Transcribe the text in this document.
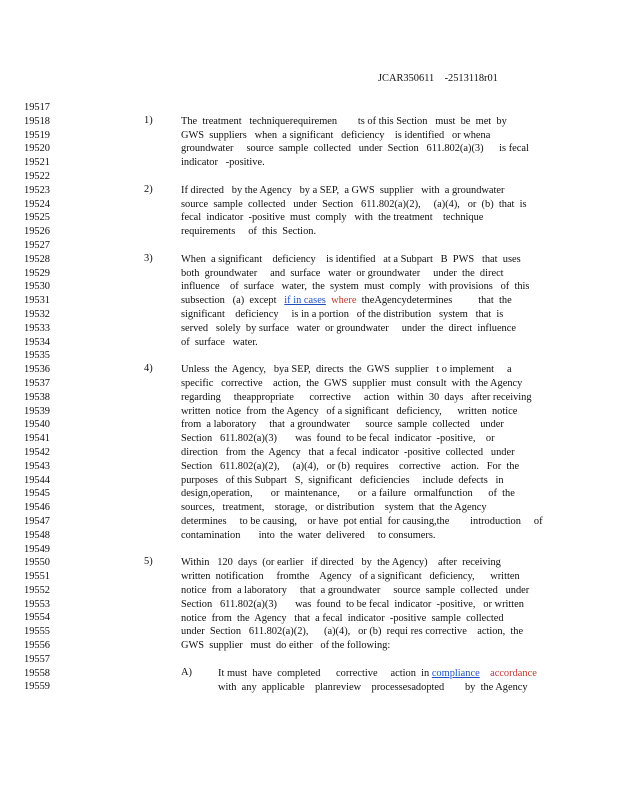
JCAR350611    -2513118r01
19517
19518
19519
19520
19521
19522
19523
19524
19525
19526
19527
19528
19529
19530
19531
19532
19533
19534
19535
19536
19537
19538
19539
19540
19541
19542
19543
19544
19545
19546
19547
19548
19549
19550
19551
19552
19553
19554
19555
19556
19557
19558
19559
1)	The  treatment   techniquerequiremen        ts of this Section   must  be  met  by
GWS  suppliers   when  a significant   deficiency    is identified   or whena
groundwater     source  sample  collected   under  Section   611.802(a)(3)      is fecal
indicator   -positive.
2)	If directed   by the Agency   by a SEP,  a GWS  supplier   with  a groundwater
source  sample  collected   under  Section   611.802(a)(2),     (a)(4),   or  (b)  that  is
fecal  indicator  -positive  must  comply   with  the treatment    technique
requirements     of  this  Section.
3)	When  a significant    deficiency    is identified   at a Subpart   B  PWS   that  uses
both  groundwater     and  surface   water  or groundwater     under  the  direct
influence    of  surface   water,  the  system  must  comply   with provisions   of  this
subsection   (a)  except   if in cases where  theAgencydetermines          that  the
significant    deficiency     is in a portion   of the distribution   system   that  is
served   solely  by surface   water  or groundwater     under  the  direct  influence
of  surface   water.
4)	Unless  the  Agency,   bya SEP,  directs  the  GWS  supplier   t o implement     a
specific   corrective    action,  the  GWS  supplier  must  consult  with  the Agency
regarding     theappropriate      corrective     action   within  30  days   after receiving
written  notice  from  the Agency   of a significant   deficiency,      written  notice
from  a laboratory     that  a groundwater      source  sample  collected    under
Section   611.802(a)(3)       was  found  to be fecal  indicator  -positive,    or
direction   from  the  Agency   that  a fecal  indicator  -positive  collected   under
Section   611.802(a)(2),     (a)(4),   or (b)  requires    corrective    action.   For  the
purposes   of this Subpart   S,  significant   deficiencies     include  defects   in
design,operation,       or  maintenance,       or  a failure   ormalfunction      of  the
sources,   treatment,    storage,   or distribution    system  that  the Agency
determines     to be causing,    or have  pot ential  for causing,the        introduction     of
contamination       into  the  water  delivered     to consumers.
5)	Within   120  days  (or earlier   if directed   by  the Agency)    after  receiving
written  notification     fromthe    Agency   of a significant   deficiency,      written
notice  from  a laboratory     that  a groundwater     source  sample  collected   under
Section   611.802(a)(3)       was  found  to be fecal  indicator  -positive,   or written
notice  from  the  Agency   that  a fecal  indicator  -positive  sample  collected
under  Section   611.802(a)(2),      (a)(4),   or (b)  requi res corrective    action,  the
GWS  supplier   must  do either   of the following:
A)	It must  have  completed      corrective     action  in compliance accordance
with  any  applicable    planreview    processesadopted        by  the Agency
